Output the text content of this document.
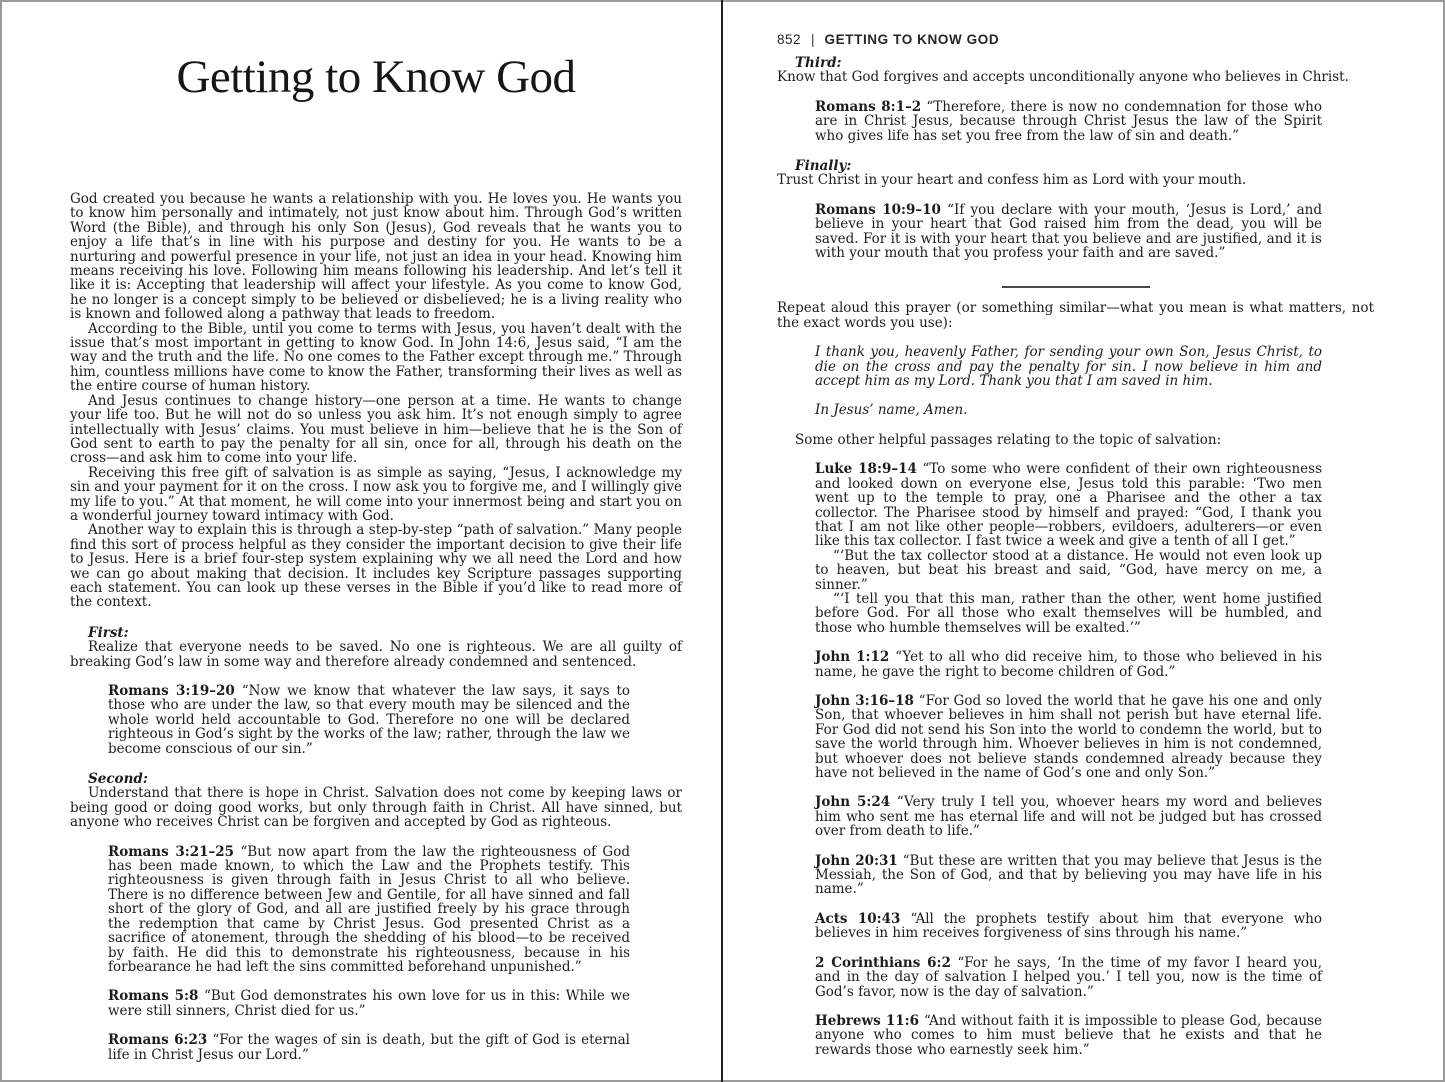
Getting to Know God

God created you because he wants a relationship with you. He loves you. He wants you to know him personally and intimately, not just know about him. Through God’s written Word (the Bible), and through his only Son (Jesus), God reveals that he wants you to enjoy a life that’s in line with his purpose and destiny for you. He wants to be a nurturing and powerful presence in your life, not just an idea in your head. Knowing him means receiving his love. Following him means following his leadership. And let’s tell it like it is: Accepting that leadership will affect your lifestyle. As you come to know God, he no longer is a concept simply to be believed or disbelieved; he is a living reality who is known and followed along a pathway that leads to freedom.

According to the Bible, until you come to terms with Jesus, you haven’t dealt with the issue that’s most important in getting to know God. In John 14:6, Jesus said, “I am the way and the truth and the life. No one comes to the Father except through me.” Through him, countless millions have come to know the Father, transforming their lives as well as the entire course of human history.

And Jesus continues to change history—one person at a time. He wants to change your life too. But he will not do so unless you ask him. It’s not enough simply to agree intellectually with Jesus’ claims. You must believe in him—believe that he is the Son of God sent to earth to pay the penalty for all sin, once for all, through his death on the cross—and ask him to come into your life.

Receiving this free gift of salvation is as simple as saying, “Jesus, I acknowledge my sin and your payment for it on the cross. I now ask you to forgive me, and I willingly give my life to you.” At that moment, he will come into your innermost being and start you on a wonderful journey toward intimacy with God.

Another way to explain this is through a step-by-step “path of salvation.” Many people find this sort of process helpful as they consider the important decision to give their life to Jesus. Here is a brief four-step system explaining why we all need the Lord and how we can go about making that decision. It includes key Scripture passages supporting each statement. You can look up these verses in the Bible if you’d like to read more of the context.

First:

Realize that everyone needs to be saved. No one is righteous. We are all guilty of breaking God’s law in some way and therefore already condemned and sentenced.

Romans 3:19–20 “Now we know that whatever the law says, it says to those who are under the law, so that every mouth may be silenced and the whole world held accountable to God. Therefore no one will be declared righteous in God’s sight by the works of the law; rather, through the law we become conscious of our sin.”

Second:

Understand that there is hope in Christ. Salvation does not come by keeping laws or being good or doing good works, but only through faith in Christ. All have sinned, but anyone who receives Christ can be forgiven and accepted by God as righteous.

Romans 3:21–25 “But now apart from the law the righteousness of God has been made known, to which the Law and the Prophets testify. This righteousness is given through faith in Jesus Christ to all who believe. There is no difference between Jew and Gentile, for all have sinned and fall short of the glory of God, and all are justified freely by his grace through the redemption that came by Christ Jesus. God presented Christ as a sacrifice of atonement, through the shedding of his blood—to be received by faith. He did this to demonstrate his righteousness, because in his forbearance he had left the sins committed beforehand unpunished.”
Romans 5:8 “But God demonstrates his own love for us in this: While we were still sinners, Christ died for us.”
Romans 6:23 “For the wages of sin is death, but the gift of God is eternal life in Christ Jesus our Lord.”
852 | GETTING TO KNOW GOD

Third:

Know that God forgives and accepts unconditionally anyone who believes in Christ.

Romans 8:1–2 “Therefore, there is now no condemnation for those who are in Christ Jesus, because through Christ Jesus the law of the Spirit who gives life has set you free from the law of sin and death.”

Finally:

Trust Christ in your heart and confess him as Lord with your mouth.

Romans 10:9–10 “If you declare with your mouth, ‘Jesus is Lord,’ and believe in your heart that God raised him from the dead, you will be saved. For it is with your heart that you believe and are justified, and it is with your mouth that you profess your faith and are saved.”

Repeat aloud this prayer (or something similar—what you mean is what matters, not the exact words you use):

I thank you, heavenly Father, for sending your own Son, Jesus Christ, to die on the cross and pay the penalty for sin. I now believe in him and accept him as my Lord. Thank you that I am saved in him.

In Jesus’ name, Amen.

Some other helpful passages relating to the topic of salvation:

Luke 18:9–14 “To some who were confident of their own righteousness and looked down on everyone else, Jesus told this parable: ‘Two men went up to the temple to pray, one a Pharisee and the other a tax collector. The Pharisee stood by himself and prayed: “God, I thank you that I am not like other people—robbers, evildoers, adulterers—or even like this tax collector. I fast twice a week and give a tenth of all I get.”

“‘But the tax collector stood at a distance. He would not even look up to heaven, but beat his breast and said, “God, have mercy on me, a sinner.”

“‘I tell you that this man, rather than the other, went home justified before God. For all those who exalt themselves will be humbled, and those who humble themselves will be exalted.’”

John 1:12 “Yet to all who did receive him, to those who believed in his name, he gave the right to become children of God.”
John 3:16–18 “For God so loved the world that he gave his one and only Son, that whoever believes in him shall not perish but have eternal life. For God did not send his Son into the world to condemn the world, but to save the world through him. Whoever believes in him is not condemned, but whoever does not believe stands condemned already because they have not believed in the name of God’s one and only Son.”
John 5:24 “Very truly I tell you, whoever hears my word and believes him who sent me has eternal life and will not be judged but has crossed over from death to life.”
John 20:31 “But these are written that you may believe that Jesus is the Messiah, the Son of God, and that by believing you may have life in his name.”
Acts 10:43 “All the prophets testify about him that everyone who believes in him receives forgiveness of sins through his name.”
2 Corinthians 6:2 “For he says, ‘In the time of my favor I heard you, and in the day of salvation I helped you.’ I tell you, now is the time of God’s favor, now is the day of salvation.”
Hebrews 11:6 “And without faith it is impossible to please God, because anyone who comes to him must believe that he exists and that he rewards those who earnestly seek him.”
